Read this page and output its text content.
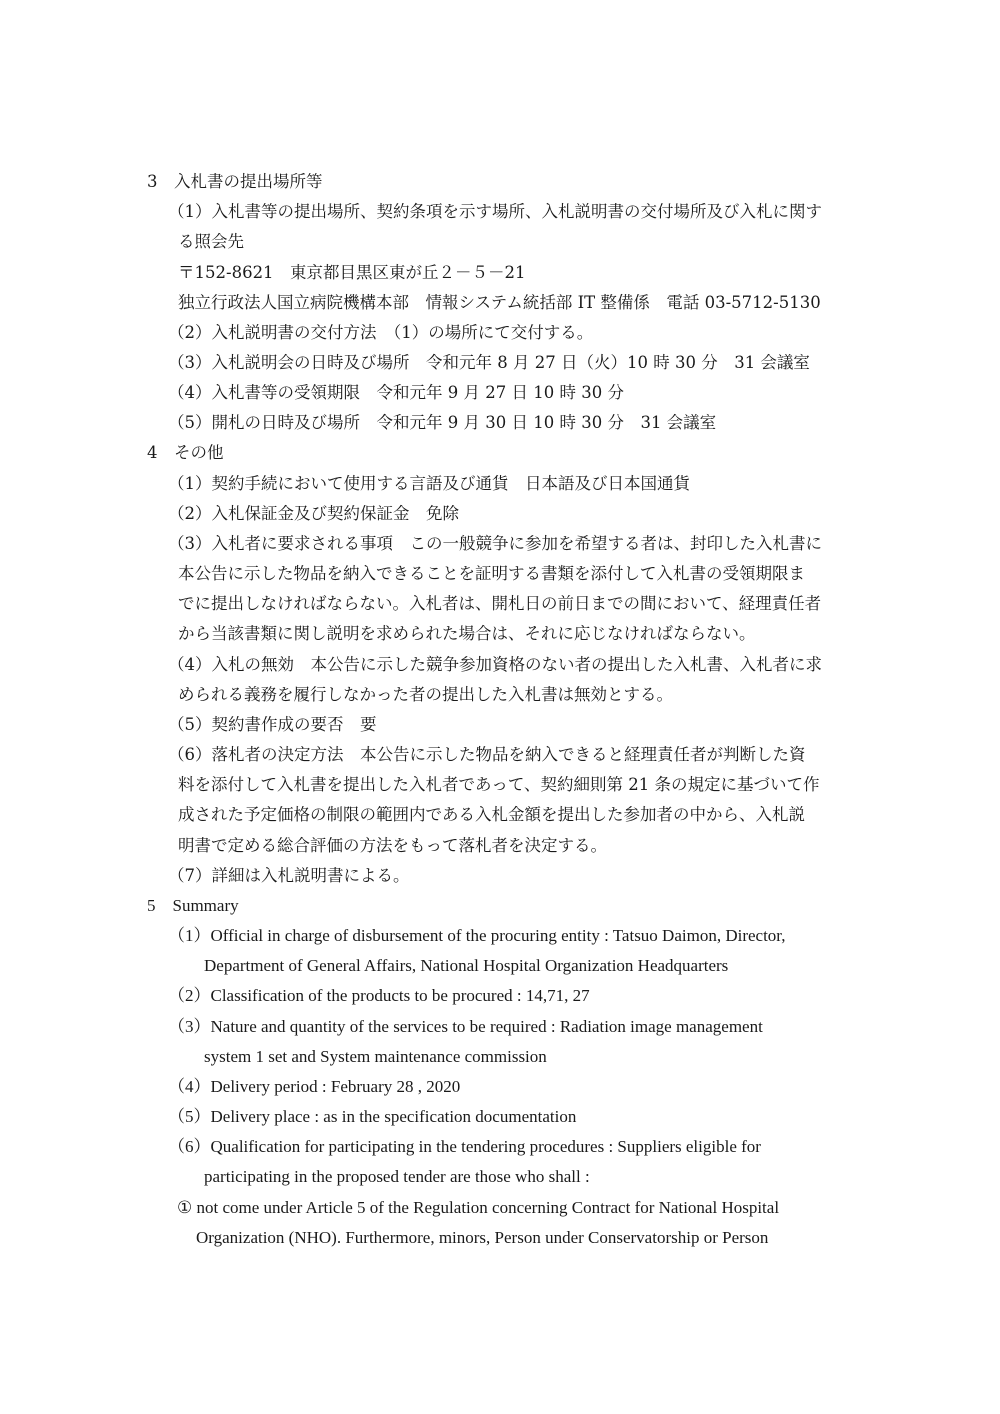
3　入札書の提出場所等
（1）入札書等の提出場所、契約条項を示す場所、入札説明書の交付場所及び入札に関す
る照会先
〒152-8621　東京都目黒区東が丘２－５－21
独立行政法人国立病院機構本部　情報システム統括部 IT 整備係　電話 03-5712-5130
（2）入札説明書の交付方法　（1）の場所にて交付する。
（3）入札説明会の日時及び場所　令和元年 8 月 27 日（火）10 時 30 分　31 会議室
（4）入札書等の受領期限　令和元年 9 月 27 日 10 時 30 分
（5）開札の日時及び場所　令和元年 9 月 30 日 10 時 30 分　31 会議室
4　その他
（1）契約手続において使用する言語及び通貨　日本語及び日本国通貨
（2）入札保証金及び契約保証金　免除
（3）入札者に要求される事項　この一般競争に参加を希望する者は、封印した入札書に
本公告に示した物品を納入できることを証明する書類を添付して入札書の受領期限ま
でに提出しなければならない。入札者は、開札日の前日までの間において、経理責任者
から当該書類に関し説明を求められた場合は、それに応じなければならない。
（4）入札の無効　本公告に示した競争参加資格のない者の提出した入札書、入札者に求
められる義務を履行しなかった者の提出した入札書は無効とする。
（5）契約書作成の要否　要
（6）落札者の決定方法　本公告に示した物品を納入できると経理責任者が判断した資
料を添付して入札書を提出した入札者であって、契約細則第 21 条の規定に基づいて作
成された予定価格の制限の範囲内である入札金額を提出した参加者の中から、入札説
明書で定める総合評価の方法をもって落札者を決定する。
（7）詳細は入札説明書による。
5　Summary
（1）Official in charge of disbursement of the procuring entity : Tatsuo Daimon, Director,
Department of General Affairs, National Hospital Organization Headquarters
（2）Classification of the products to be procured : 14,71, 27
（3）Nature and quantity of the services to be required : Radiation image management
system 1 set and System maintenance commission
（4）Delivery period : February 28 , 2020
（5）Delivery place : as in the specification documentation
（6）Qualification for participating in the tendering procedures : Suppliers eligible for
participating in the proposed tender are those who shall :
① not come under Article 5 of the Regulation concerning Contract for National Hospital
Organization (NHO). Furthermore, minors, Person under Conservatorship or Person
